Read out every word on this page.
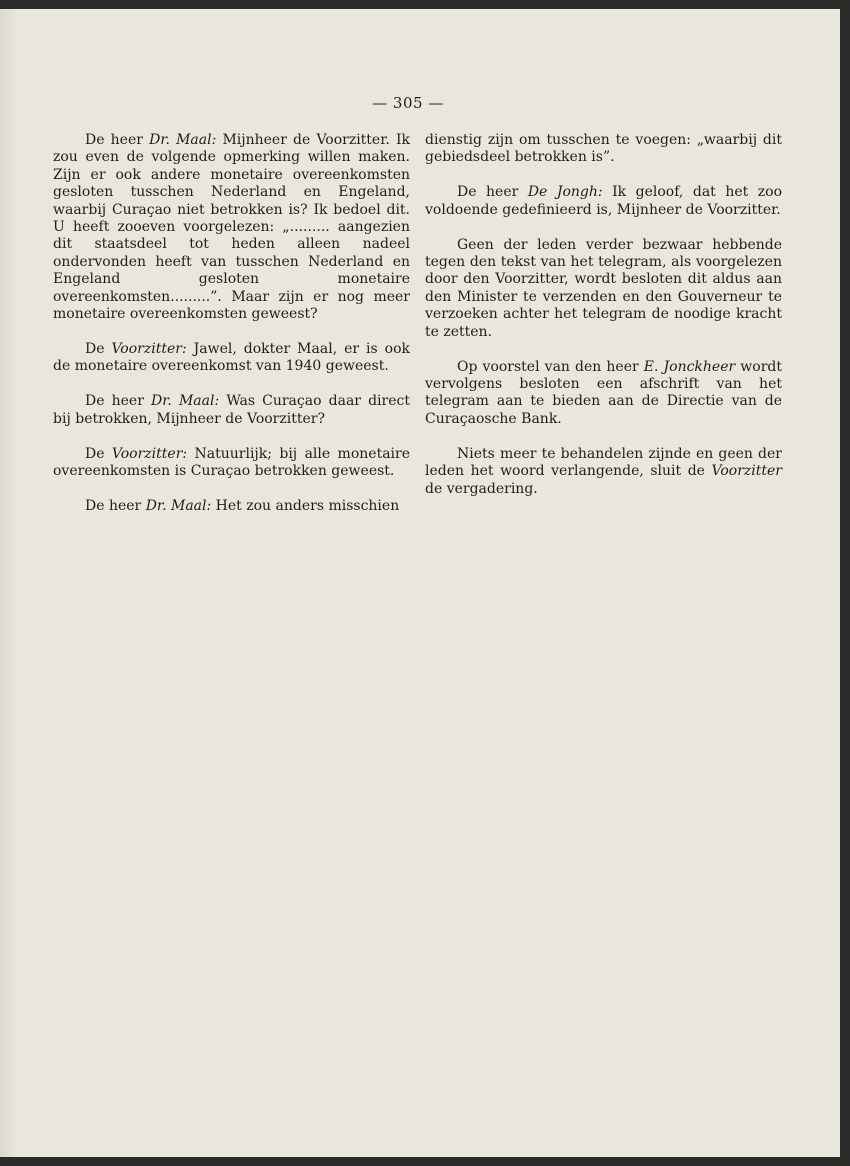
— 305 —

De heer Dr. Maal: Mijnheer de Voorzitter. Ik zou even de volgende opmerking willen maken. Zijn er ook andere monetaire overeenkomsten gesloten tusschen Nederland en Engeland, waarbij Curaçao niet betrokken is? Ik bedoel dit. U heeft zooeven voorgelezen: „......... aangezien dit staatsdeel tot heden alleen nadeel ondervonden heeft van tusschen Nederland en Engeland gesloten monetaire overeenkomsten.........”. Maar zijn er nog meer monetaire overeenkomsten geweest?

De Voorzitter: Jawel, dokter Maal, er is ook de monetaire overeenkomst van 1940 geweest.

De heer Dr. Maal: Was Curaçao daar direct bij betrokken, Mijnheer de Voorzitter?

De Voorzitter: Natuurlijk; bij alle monetaire overeenkomsten is Curaçao betrokken geweest.

De heer Dr. Maal: Het zou anders misschien

dienstig zijn om tusschen te voegen: „waarbij dit gebiedsdeel betrokken is”.

De heer De Jongh: Ik geloof, dat het zoo voldoende gedefinieerd is, Mijnheer de Voorzitter.

Geen der leden verder bezwaar hebbende tegen den tekst van het telegram, als voorgelezen door den Voorzitter, wordt besloten dit aldus aan den Minister te verzenden en den Gouverneur te verzoeken achter het telegram de noodige kracht te zetten.

Op voorstel van den heer E. Jonckheer wordt vervolgens besloten een afschrift van het telegram aan te bieden aan de Directie van de Curaçaosche Bank.

Niets meer te behandelen zijnde en geen der leden het woord verlangende, sluit de Voorzitter de vergadering.
